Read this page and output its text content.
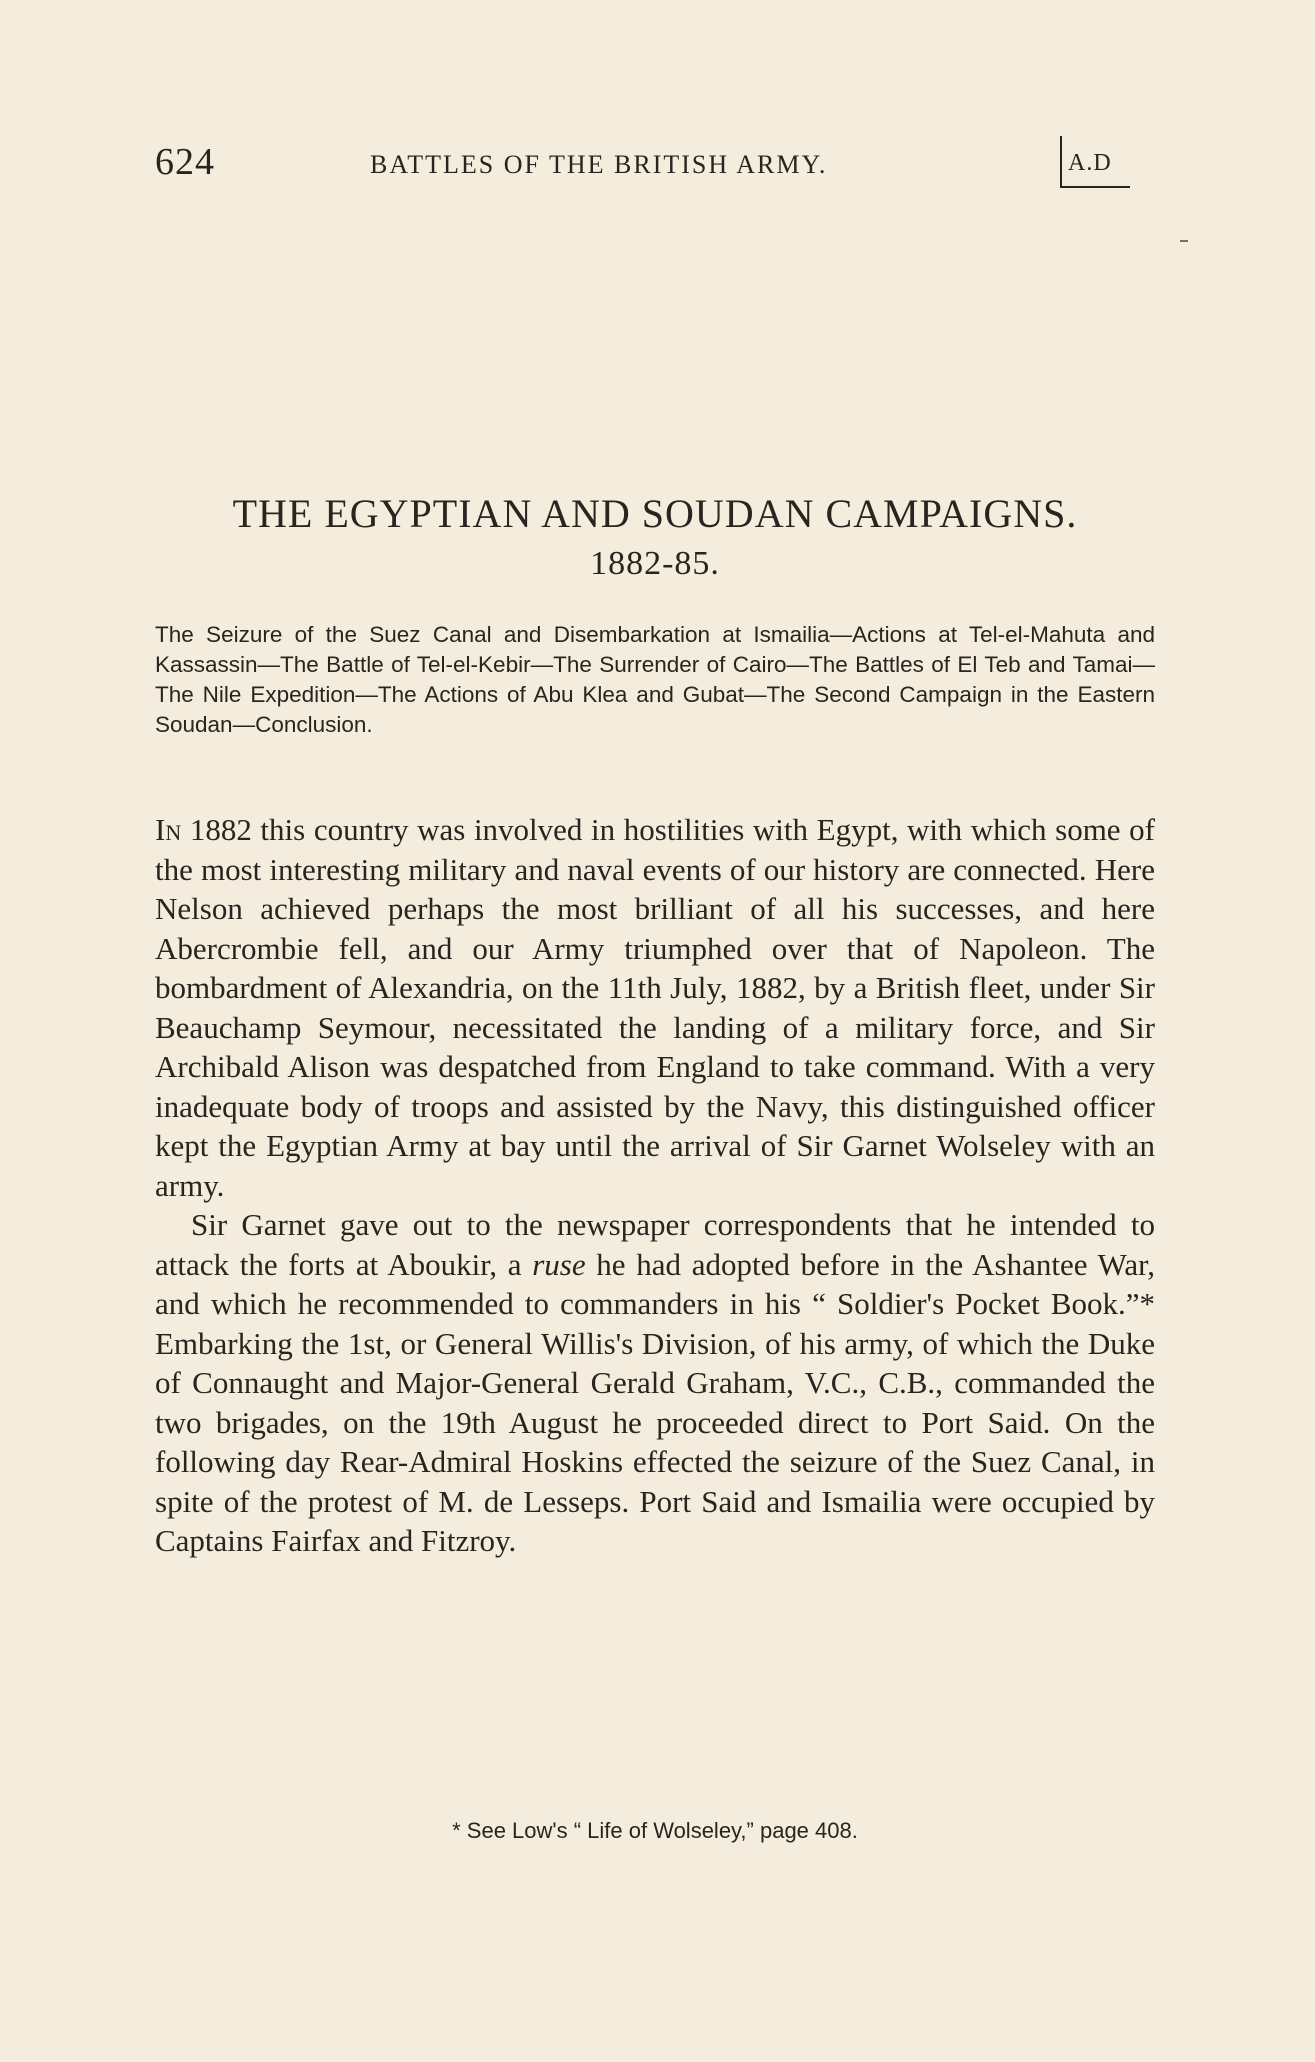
624	BATTLES OF THE BRITISH ARMY.	A.D
THE EGYPTIAN AND SOUDAN CAMPAIGNS.
1882-85.

The Seizure of the Suez Canal and Disembarkation at Ismailia—Actions at Tel-el-Mahuta and Kassassin—The Battle of Tel-el-Kebir—The Surrender of Cairo—The Battles of El Teb and Tamai—The Nile Expedition—The Actions of Abu Klea and Gubat—The Second Campaign in the Eastern Soudan—Conclusion.

In 1882 this country was involved in hostilities with Egypt, with which some of the most interesting military and naval events of our history are connected. Here Nelson achieved perhaps the most brilliant of all his successes, and here Abercrombie fell, and our Army triumphed over that of Napoleon. The bombardment of Alexandria, on the 11th July, 1882, by a British fleet, under Sir Beauchamp Seymour, necessitated the landing of a military force, and Sir Archibald Alison was despatched from England to take command. With a very inadequate body of troops and assisted by the Navy, this distinguished officer kept the Egyptian Army at bay until the arrival of Sir Garnet Wolseley with an army.

Sir Garnet gave out to the newspaper correspondents that he intended to attack the forts at Aboukir, a ruse he had adopted before in the Ashantee War, and which he recommended to commanders in his “ Soldier's Pocket Book.”* Embarking the 1st, or General Willis's Division, of his army, of which the Duke of Connaught and Major-General Gerald Graham, V.C., C.B., commanded the two brigades, on the 19th August he proceeded direct to Port Said. On the following day Rear-Admiral Hoskins effected the seizure of the Suez Canal, in spite of the protest of M. de Lesseps. Port Said and Ismailia were occupied by Captains Fairfax and Fitzroy.

* See Low's “ Life of Wolseley,” page 408.
